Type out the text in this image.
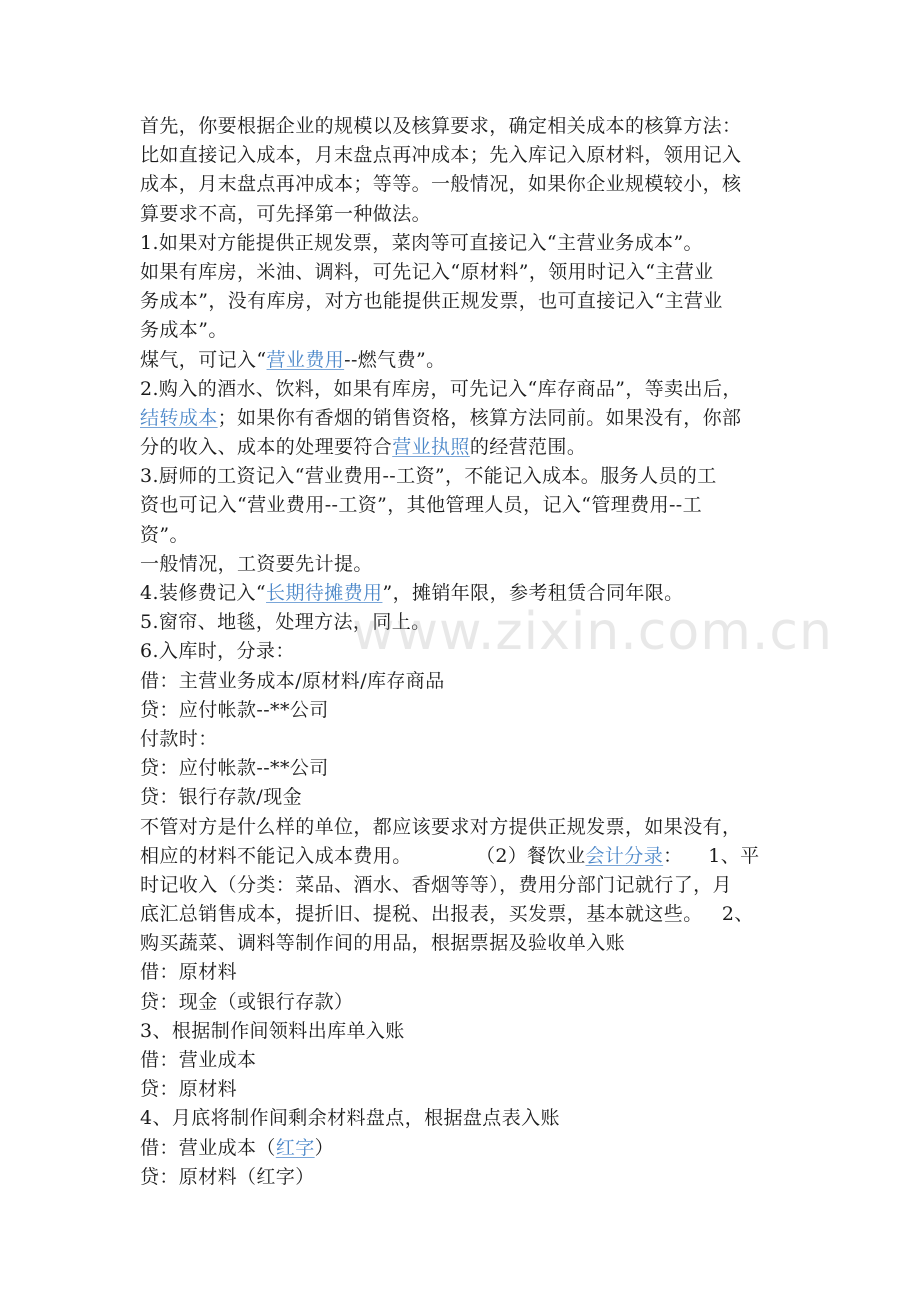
首先，你要根据企业的规模以及核算要求，确定相关成本的核算方法：
比如直接记入成本，月末盘点再冲成本；先入库记入原材料，领用记入
成本，月末盘点再冲成本；等等。一般情况，如果你企业规模较小，核
算要求不高，可先择第一种做法。
1.如果对方能提供正规发票，菜肉等可直接记入“主营业务成本”。
如果有库房，米油、调料，可先记入“原材料”，领用时记入“主营业
务成本”，没有库房，对方也能提供正规发票，也可直接记入“主营业
务成本”。
煤气，可记入“营业费用--燃气费”。
2.购入的酒水、饮料，如果有库房，可先记入“库存商品”，等卖出后，
结转成本；如果你有香烟的销售资格，核算方法同前。如果没有，你部
分的收入、成本的处理要符合营业执照的经营范围。
3.厨师的工资记入“营业费用--工资”，不能记入成本。服务人员的工
资也可记入“营业费用--工资”，其他管理人员，记入“管理费用--工
资”。
一般情况，工资要先计提。
4.装修费记入“长期待摊费用”，摊销年限，参考租赁合同年限。
5.窗帘、地毯，处理方法，同上。
6.入库时，分录：
借：主营业务成本/原材料/库存商品
贷：应付帐款--**公司
付款时：
贷：应付帐款--**公司
贷：银行存款/现金
不管对方是什么样的单位，都应该要求对方提供正规发票，如果没有，
相应的材料不能记入成本费用。          （2）餐饮业会计分录：    1、平
时记收入（分类：菜品、酒水、香烟等等），费用分部门记就行了，月
底汇总销售成本，提折旧、提税、出报表，买发票，基本就这些。   2、
购买蔬菜、调料等制作间的用品，根据票据及验收单入账
借：原材料
贷：现金（或银行存款）
3、根据制作间领料出库单入账
借：营业成本
贷：原材料
4、月底将制作间剩余材料盘点，根据盘点表入账
借：营业成本（红字）
贷：原材料（红字）
www.zixin.com.cn
